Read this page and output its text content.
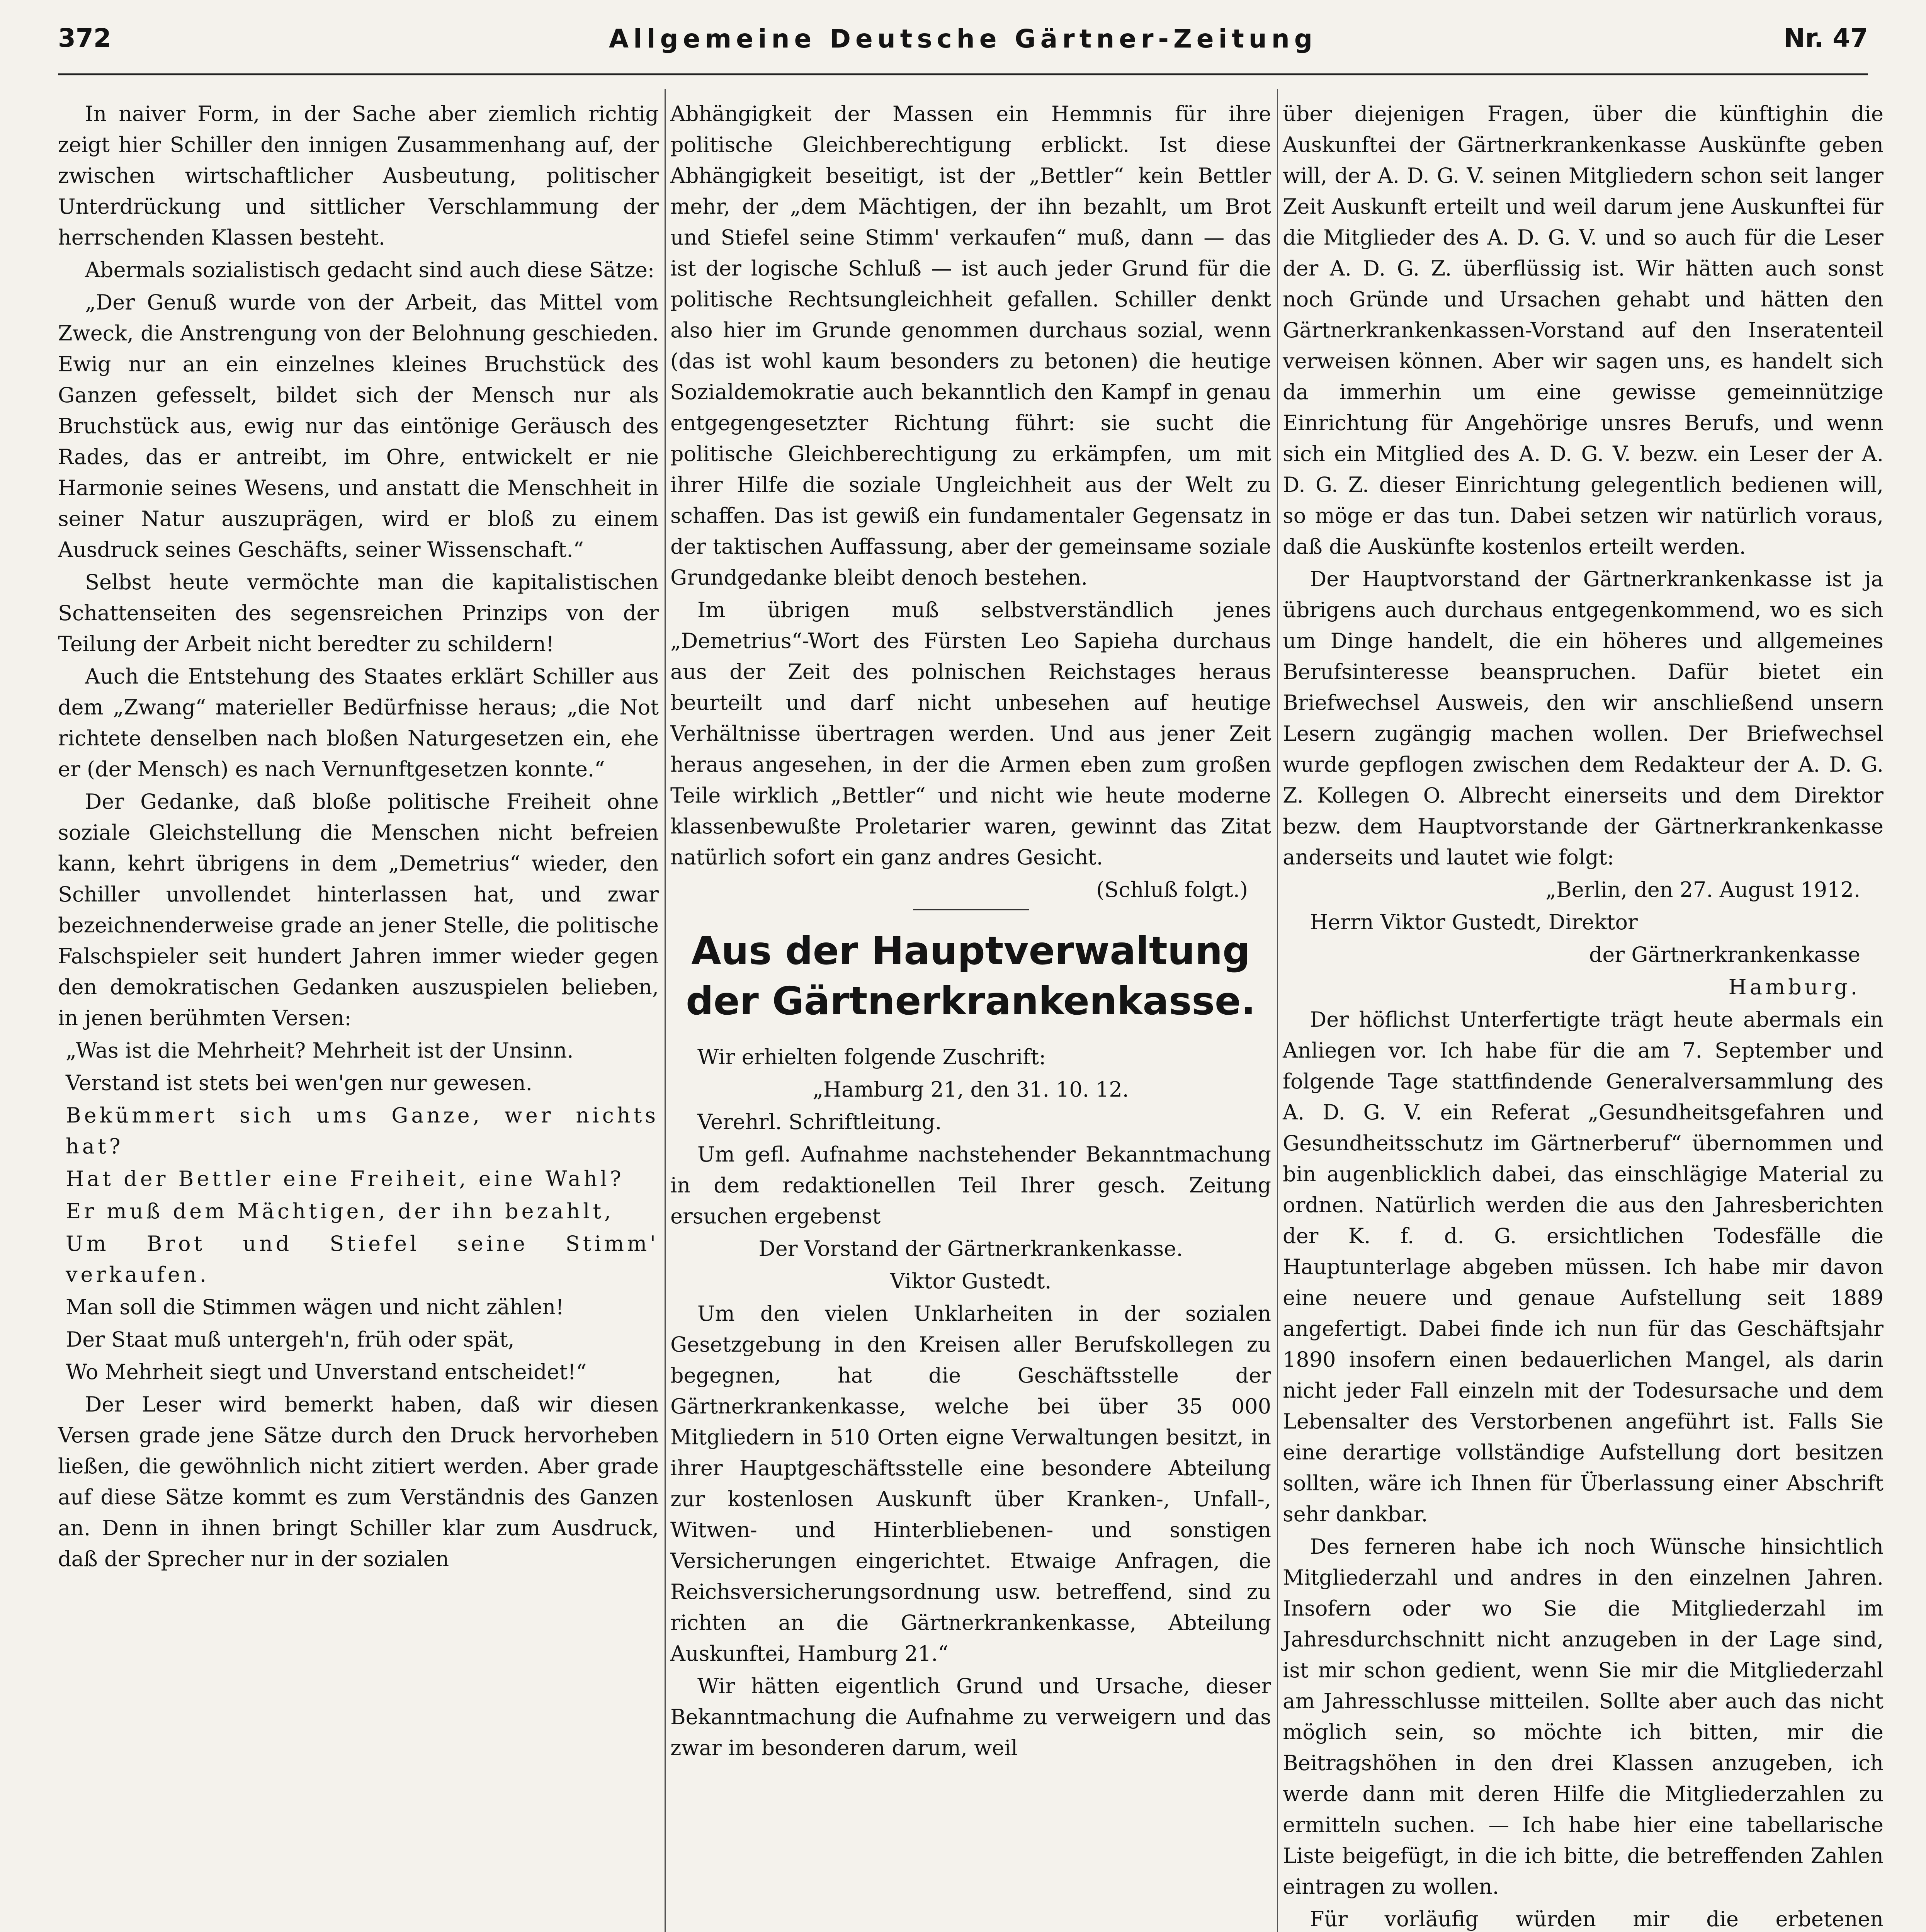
372	Allgemeine Deutsche Gärtner-Zeitung	Nr. 47

In naiver Form, in der Sache aber ziemlich richtig zeigt hier Schiller den innigen Zusammenhang auf, der zwischen wirtschaftlicher Ausbeutung, politischer Unterdrückung und sittlicher Verschlammung der herrschenden Klassen besteht.

Abermals sozialistisch gedacht sind auch diese Sätze:

„Der Genuß wurde von der Arbeit, das Mittel vom Zweck, die Anstrengung von der Belohnung geschieden. Ewig nur an ein einzelnes kleines Bruchstück des Ganzen gefesselt, bildet sich der Mensch nur als Bruchstück aus, ewig nur das eintönige Geräusch des Rades, das er antreibt, im Ohre, entwickelt er nie Harmonie seines Wesens, und anstatt die Menschheit in seiner Natur auszuprägen, wird er bloß zu einem Ausdruck seines Geschäfts, seiner Wissenschaft.“

Selbst heute vermöchte man die kapitalistischen Schattenseiten des segensreichen Prinzips von der Teilung der Arbeit nicht beredter zu schildern!

Auch die Entstehung des Staates erklärt Schiller aus dem „Zwang“ materieller Bedürfnisse heraus; „die Not richtete denselben nach bloßen Naturgesetzen ein, ehe er (der Mensch) es nach Vernunftgesetzen konnte.“

Der Gedanke, daß bloße politische Freiheit ohne soziale Gleichstellung die Menschen nicht befreien kann, kehrt übrigens in dem „Demetrius“ wieder, den Schiller unvollendet hinterlassen hat, und zwar bezeichnenderweise grade an jener Stelle, die politische Falschspieler seit hundert Jahren immer wieder gegen den demokratischen Gedanken auszuspielen belieben, in jenen berühmten Versen:

„Was ist die Mehrheit? Mehrheit ist der Unsinn.

Verstand ist stets bei wen'gen nur gewesen.

Bekümmert sich ums Ganze, wer nichts hat?

Hat der Bettler eine Freiheit, eine Wahl?

Er muß dem Mächtigen, der ihn bezahlt,

Um Brot und Stiefel seine Stimm' verkaufen.

Man soll die Stimmen wägen und nicht zählen!

Der Staat muß untergeh'n, früh oder spät,

Wo Mehrheit siegt und Unverstand entscheidet!“

Der Leser wird bemerkt haben, daß wir diesen Versen grade jene Sätze durch den Druck hervorheben ließen, die gewöhnlich nicht zitiert werden. Aber grade auf diese Sätze kommt es zum Verständnis des Ganzen an. Denn in ihnen bringt Schiller klar zum Ausdruck, daß der Sprecher nur in der sozialen

Abhängigkeit der Massen ein Hemmnis für ihre politische Gleichberechtigung erblickt. Ist diese Abhängigkeit beseitigt, ist der „Bettler“ kein Bettler mehr, der „dem Mächtigen, der ihn bezahlt, um Brot und Stiefel seine Stimm' verkaufen“ muß, dann — das ist der logische Schluß — ist auch jeder Grund für die politische Rechtsungleichheit gefallen. Schiller denkt also hier im Grunde genommen durchaus sozial, wenn (das ist wohl kaum besonders zu betonen) die heutige Sozialdemokratie auch bekanntlich den Kampf in genau entgegengesetzter Richtung führt: sie sucht die politische Gleichberechtigung zu erkämpfen, um mit ihrer Hilfe die soziale Ungleichheit aus der Welt zu schaffen. Das ist gewiß ein fundamentaler Gegensatz in der taktischen Auffassung, aber der gemeinsame soziale Grundgedanke bleibt denoch bestehen.

Im übrigen muß selbstverständlich jenes „Demetrius“-Wort des Fürsten Leo Sapieha durchaus aus der Zeit des polnischen Reichstages heraus beurteilt und darf nicht unbesehen auf heutige Verhältnisse übertragen werden. Und aus jener Zeit heraus angesehen, in der die Armen eben zum großen Teile wirklich „Bettler“ und nicht wie heute moderne klassenbewußte Proletarier waren, gewinnt das Zitat natürlich sofort ein ganz andres Gesicht.

(Schluß folgt.)

Aus der Hauptverwaltung der Gärtnerkrankenkasse.

Wir erhielten folgende Zuschrift:

„Hamburg 21, den 31. 10. 12.

Verehrl. Schriftleitung.

Um gefl. Aufnahme nachstehender Bekanntmachung in dem redaktionellen Teil Ihrer gesch. Zeitung ersuchen ergebenst

Der Vorstand der Gärtnerkrankenkasse.

Viktor Gustedt.

Um den vielen Unklarheiten in der sozialen Gesetzgebung in den Kreisen aller Berufskollegen zu begegnen, hat die Geschäftsstelle der Gärtnerkrankenkasse, welche bei über 35 000 Mitgliedern in 510 Orten eigne Verwaltungen besitzt, in ihrer Hauptgeschäftsstelle eine besondere Abteilung zur kostenlosen Auskunft über Kranken-, Unfall-, Witwen- und Hinterbliebenen- und sonstigen Versicherungen eingerichtet. Etwaige Anfragen, die Reichsversicherungsordnung usw. betreffend, sind zu richten an die Gärtnerkrankenkasse, Abteilung Auskunftei, Hamburg 21.“

Wir hätten eigentlich Grund und Ursache, dieser Bekanntmachung die Aufnahme zu verweigern und das zwar im besonderen darum, weil

über diejenigen Fragen, über die künftighin die Auskunftei der Gärtnerkrankenkasse Auskünfte geben will, der A. D. G. V. seinen Mitgliedern schon seit langer Zeit Auskunft erteilt und weil darum jene Auskunftei für die Mitglieder des A. D. G. V. und so auch für die Leser der A. D. G. Z. überflüssig ist. Wir hätten auch sonst noch Gründe und Ursachen gehabt und hätten den Gärtnerkrankenkassen-Vorstand auf den Inseratenteil verweisen können. Aber wir sagen uns, es handelt sich da immerhin um eine gewisse gemeinnützige Einrichtung für Angehörige unsres Berufs, und wenn sich ein Mitglied des A. D. G. V. bezw. ein Leser der A. D. G. Z. dieser Einrichtung gelegentlich bedienen will, so möge er das tun. Dabei setzen wir natürlich voraus, daß die Auskünfte kostenlos erteilt werden.

Der Hauptvorstand der Gärtnerkrankenkasse ist ja übrigens auch durchaus entgegenkommend, wo es sich um Dinge handelt, die ein höheres und allgemeines Berufsinteresse beanspruchen. Dafür bietet ein Briefwechsel Ausweis, den wir anschließend unsern Lesern zugängig machen wollen. Der Briefwechsel wurde gepflogen zwischen dem Redakteur der A. D. G. Z. Kollegen O. Albrecht einerseits und dem Direktor bezw. dem Hauptvorstande der Gärtnerkrankenkasse anderseits und lautet wie folgt:

„Berlin, den 27. August 1912.

Herrn Viktor Gustedt, Direktor

der Gärtnerkrankenkasse

Hamburg.

Der höflichst Unterfertigte trägt heute abermals ein Anliegen vor. Ich habe für die am 7. September und folgende Tage stattfindende Generalversammlung des A. D. G. V. ein Referat „Gesundheitsgefahren und Gesundheitsschutz im Gärtnerberuf“ übernommen und bin augenblicklich dabei, das einschlägige Material zu ordnen. Natürlich werden die aus den Jahresberichten der K. f. d. G. ersichtlichen Todesfälle die Hauptunterlage abgeben müssen. Ich habe mir davon eine neuere und genaue Aufstellung seit 1889 angefertigt. Dabei finde ich nun für das Geschäftsjahr 1890 insofern einen bedauerlichen Mangel, als darin nicht jeder Fall einzeln mit der Todesursache und dem Lebensalter des Verstorbenen angeführt ist. Falls Sie eine derartige vollständige Aufstellung dort besitzen sollten, wäre ich Ihnen für Überlassung einer Abschrift sehr dankbar.

Des ferneren habe ich noch Wünsche hinsichtlich Mitgliederzahl und andres in den einzelnen Jahren. Insofern oder wo Sie die Mitgliederzahl im Jahresdurchschnitt nicht anzugeben in der Lage sind, ist mir schon gedient, wenn Sie mir die Mitgliederzahl am Jahresschlusse mitteilen. Sollte aber auch das nicht möglich sein, so möchte ich bitten, mir die Beitragshöhen in den drei Klassen anzugeben, ich werde dann mit deren Hilfe die Mitgliederzahlen zu ermitteln suchen. — Ich habe hier eine tabellarische Liste beigefügt, in die ich bitte, die betreffenden Zahlen eintragen zu wollen.

Für vorläufig würden mir die erbetenen
